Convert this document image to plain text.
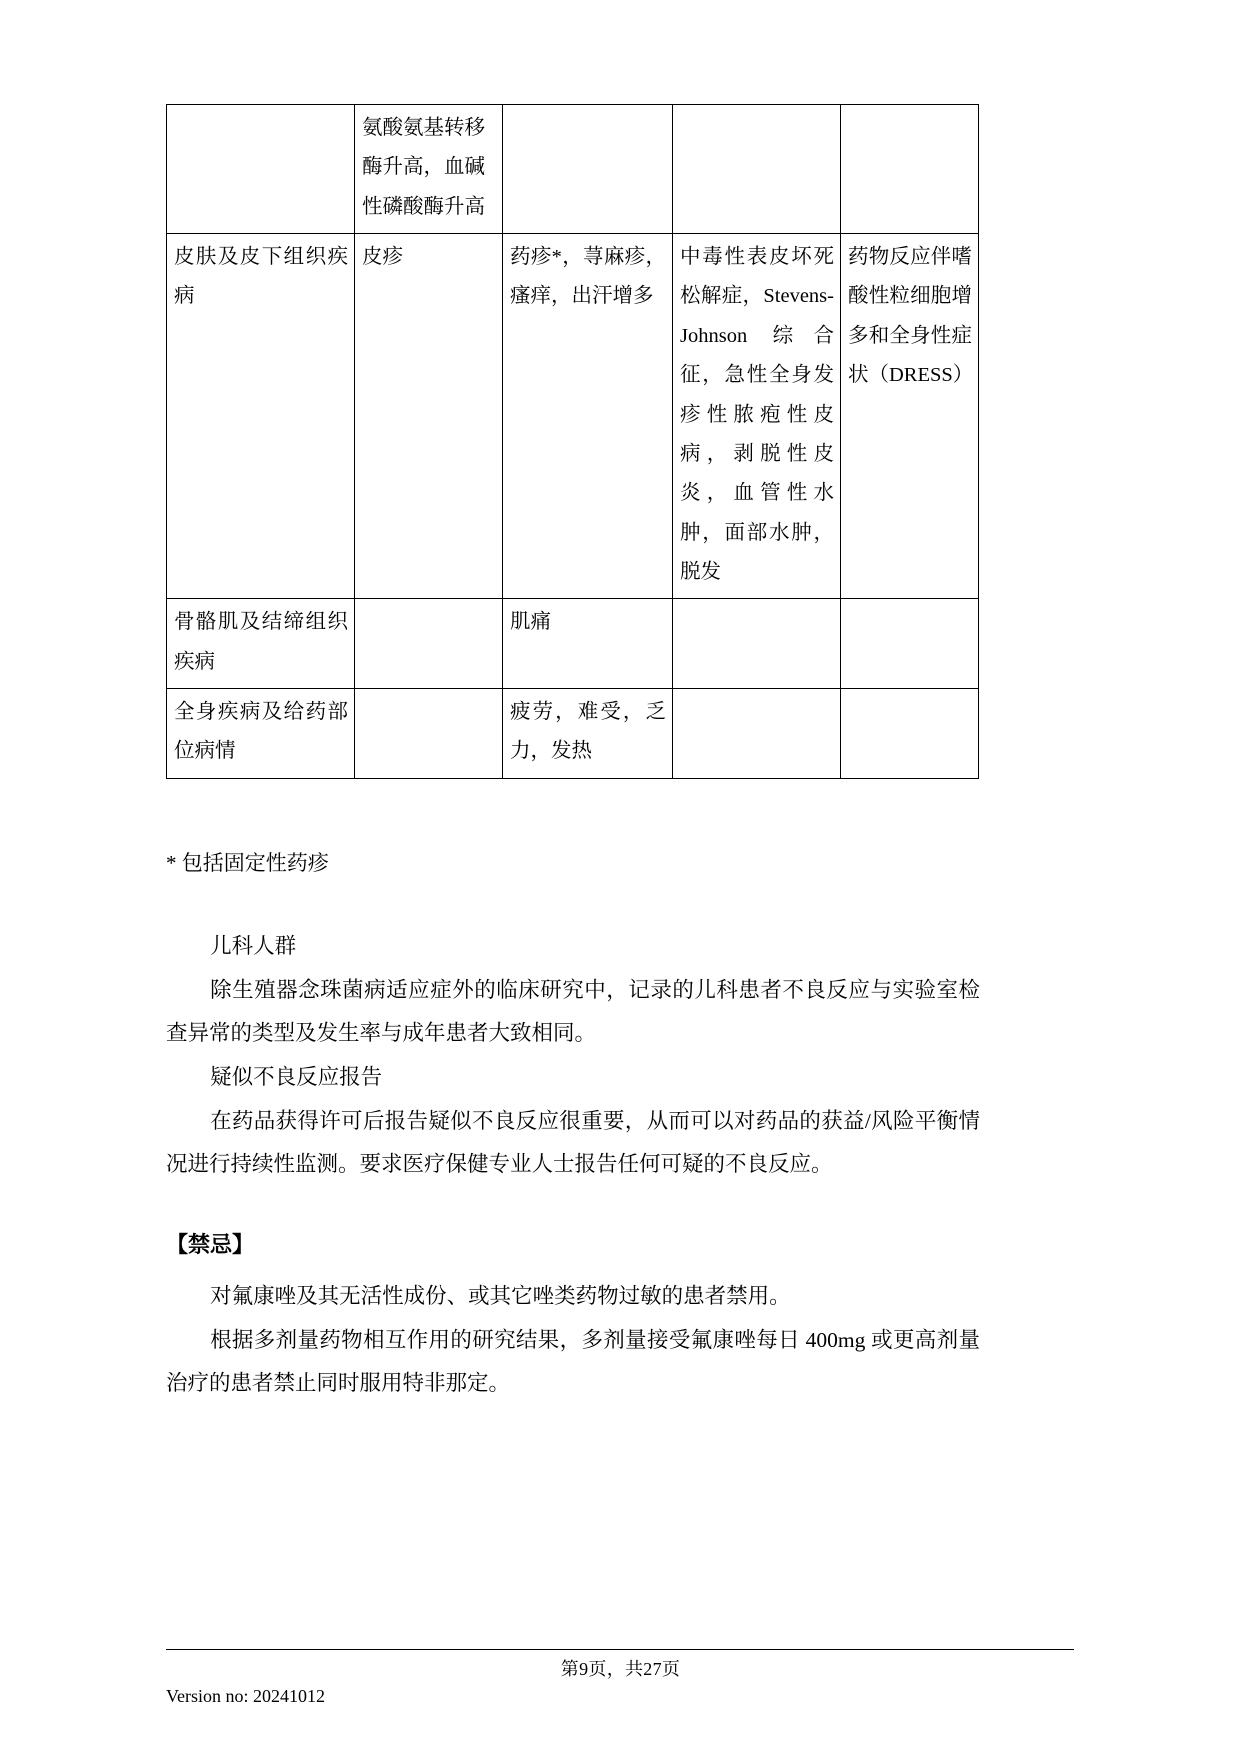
	氨酸氨基转移酶升高，血碱性磷酸酶升高			

皮肤及皮下组织疾病	皮疹	药疹*，荨麻疹，瘙痒，出汗增多	中毒性表皮坏死松解症，Stevens-Johnson 综合征，急性全身发疹性脓疱性皮病，剥脱性皮炎，血管性水肿，面部水肿，脱发	药物反应伴嗜酸性粒细胞增多和全身性症状（DRESS）

骨骼肌及结缔组织疾病		肌痛		

全身疾病及给药部位病情		疲劳，难受，乏力，发热		

* 包括固定性药疹

儿科人群

除生殖器念珠菌病适应症外的临床研究中，记录的儿科患者不良反应与实验室检查异常的类型及发生率与成年患者大致相同。

疑似不良反应报告

在药品获得许可后报告疑似不良反应很重要，从而可以对药品的获益/风险平衡情况进行持续性监测。要求医疗保健专业人士报告任何可疑的不良反应。

【禁忌】

对氟康唑及其无活性成份、或其它唑类药物过敏的患者禁用。

根据多剂量药物相互作用的研究结果，多剂量接受氟康唑每日 400mg 或更高剂量治疗的患者禁止同时服用特非那定。

第9页，共27页
Version no: 20241012
